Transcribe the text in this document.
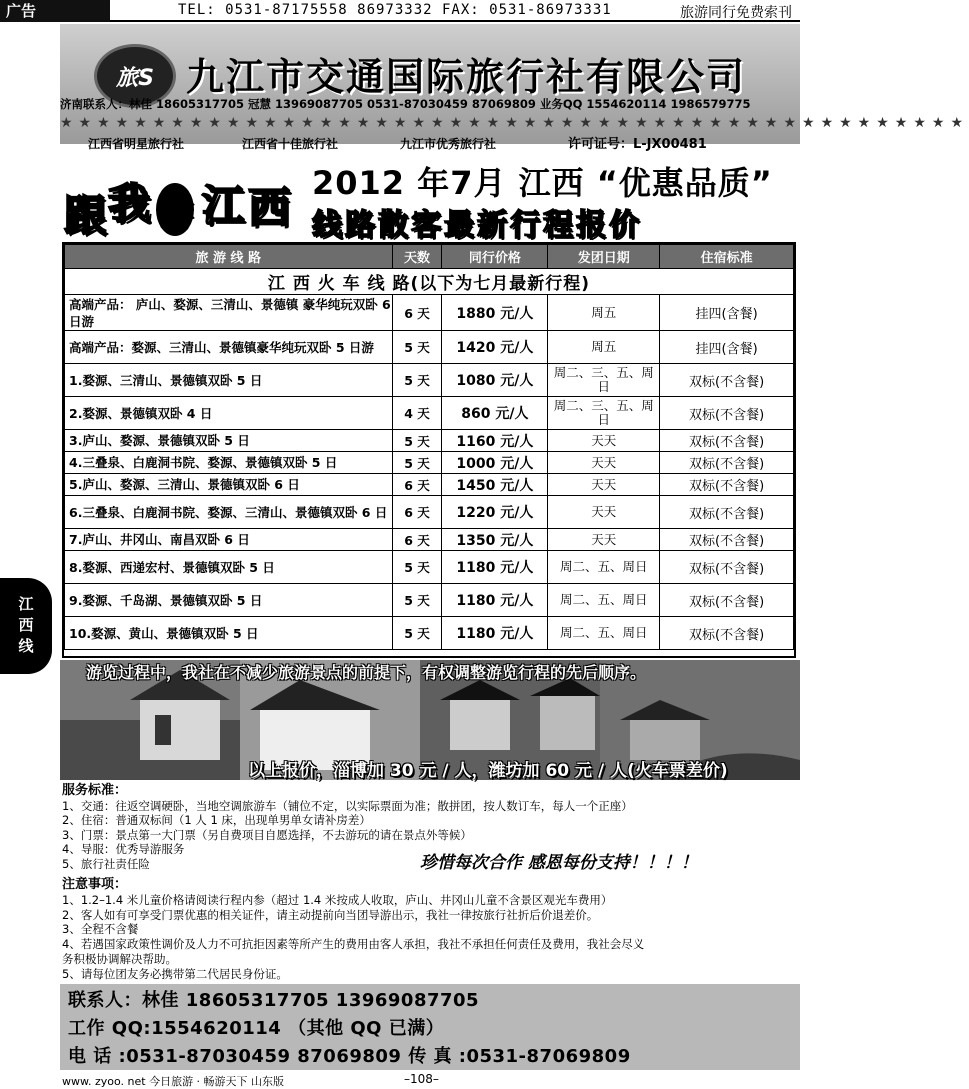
广告	TEL: 0531-87175558 86973332 FAX: 0531-86973331	旅游同行免费索刊
旅S 九江市交通国际旅行社有限公司
济南联系人：林佳 18605317705 冠慧 13969087705 0531-87030459 87069809 业务QQ 1554620114 1986579775
★★★★★★★★★★★★★★★★★★★★★★★★★★★★★★★★★★★★★★★★★★★★★★★★★
江西省明星旅行社	江西省十佳旅行社	九江市优秀旅行社	许可证号：L-JX00481
跟 我 游 江 西 2012 年7月 江西 “优惠品质”
线路散客最新行程报价
旅 游 线 路	天数	同行价格	发团日期	住宿标准
江 西 火 车 线 路(以下为七月最新行程)				
高端产品： 庐山、婺源、三清山、景德镇 豪华纯玩双卧 6 日游	6 天	1880 元/人	周五	挂四(含餐)
高端产品：婺源、三清山、景德镇豪华纯玩双卧 5 日游	5 天	1420 元/人	周五	挂四(含餐)
1.婺源、三清山、景德镇双卧 5 日	5 天	1080 元/人	周二、三、五、周日	双标(不含餐)
2.婺源、景德镇双卧 4 日	4 天	860 元/人	周二、三、五、周日	双标(不含餐)
3.庐山、婺源、景德镇双卧 5 日	5 天	1160 元/人	天天	双标(不含餐)
4.三叠泉、白鹿洞书院、婺源、景德镇双卧 5 日	5 天	1000 元/人	天天	双标(不含餐)
5.庐山、婺源、三清山、景德镇双卧 6 日	6 天	1450 元/人	天天	双标(不含餐)
6.三叠泉、白鹿洞书院、婺源、三清山、景德镇双卧 6 日	6 天	1220 元/人	天天	双标(不含餐)
7.庐山、井冈山、南昌双卧 6 日	6 天	1350 元/人	天天	双标(不含餐)
8.婺源、西递宏村、景德镇双卧 5 日	5 天	1180 元/人	周二、五、周日	双标(不含餐)
9.婺源、千岛湖、景德镇双卧 5 日	5 天	1180 元/人	周二、五、周日	双标(不含餐)
10.婺源、黄山、景德镇双卧 5 日	5 天	1180 元/人	周二、五、周日	双标(不含餐)
江西线
游览过程中，我社在不减少旅游景点的前提下，有权调整游览行程的先后顺序。
以上报价，淄博加 30 元 / 人，潍坊加 60 元 / 人(火车票差价)
服务标准：
1、交通：往返空调硬卧，当地空调旅游车（铺位不定，以实际票面为准；散拼团，按人数订车，每人一个正座）
2、住宿：普通双标间（1 人 1 床，出现单男单女请补房差）
3、门票：景点第一大门票（另自费项目自愿选择，不去游玩的请在景点外等候）
4、导服：优秀导游服务
5、旅行社责任险	珍惜每次合作 感恩每份支持！！！！
注意事项：
1、1.2–1.4 米儿童价格请阅读行程内参（超过 1.4 米按成人收取，庐山、井冈山儿童不含景区观光车费用）
2、客人如有可享受门票优惠的相关证件，请主动提前向当团导游出示，我社一律按旅行社折后价退差价。
3、全程不含餐
4、若遇国家政策性调价及人力不可抗拒因素等所产生的费用由客人承担，我社不承担任何责任及费用，我社会尽义
务积极协调解决帮助。
5、请每位团友务必携带第二代居民身份证。
联系人：林佳 18605317705 13969087705
工作 QQ:1554620114 （其他 QQ 已满）
电 话 :0531-87030459 87069809 传 真 :0531-87069809
www. zyoo. net 今日旅游 · 畅游天下 山东版	–108–
